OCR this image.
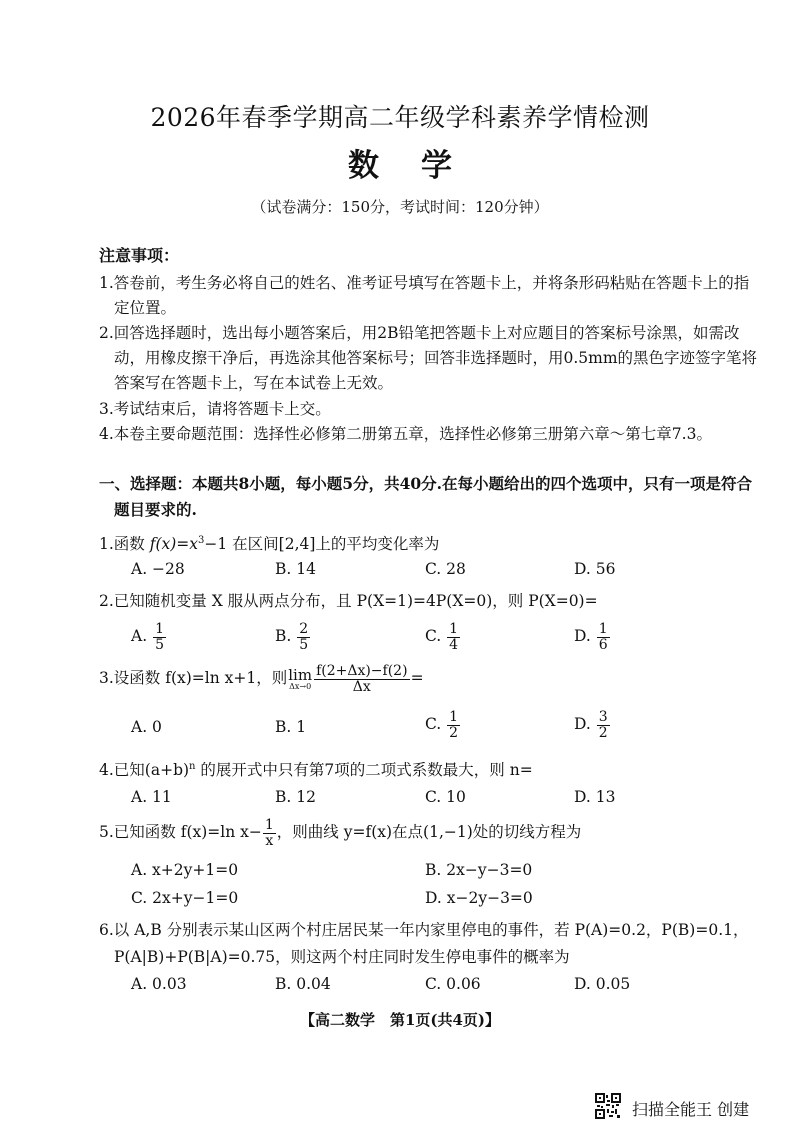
2026年春季学期高二年级学科素养学情检测
数学
（试卷满分：150分，考试时间：120分钟）
注意事项：
1.答卷前，考生务必将自己的姓名、准考证号填写在答题卡上，并将条形码粘贴在答题卡上的指
定位置。
2.回答选择题时，选出每小题答案后，用2B铅笔把答题卡上对应题目的答案标号涂黑，如需改
动，用橡皮擦干净后，再选涂其他答案标号；回答非选择题时，用0.5mm的黑色字迹签字笔将
答案写在答题卡上，写在本试卷上无效。
3.考试结束后，请将答题卡上交。
4.本卷主要命题范围：选择性必修第二册第五章，选择性必修第三册第六章～第七章7.3。
一、选择题：本题共8小题，每小题5分，共40分.在每小题给出的四个选项中，只有一项是符合
题目要求的.
1.函数 $f(x)=x^3-1$ 在区间[2,4]上的平均变化率为
A. −28	B. 14	C. 28	D. 56
2.已知随机变量 X 服从两点分布，且 P(X=1)=4P(X=0)，则 P(X=0)=
A. $\frac{1}{5}$	B. $\frac{2}{5}$	C. $\frac{1}{4}$	D. $\frac{1}{6}$
3.设函数 f(x)=ln x+1，则 lim
$\Delta x\to 0 \frac{f(2+\Delta x)-f(2)}{\Delta x}$ =
A. 0	B. 1	C. $\frac{1}{2}$	D. $\frac{3}{2}$
4.已知$(a+b)^n$ 的展开式中只有第7项的二项式系数最大，则 n=
A. 11	B. 12	C. 10	D. 13
5.已知函数 f(x)=ln $x- \frac{1}{x}$ ，则曲线 y=f(x)在点(1,−1)处的切线方程为
A. x+2y+1=0	B. 2x−y−3=0
C. 2x+y−1=0	D. x−2y−3=0
6.以 A,B 分别表示某山区两个村庄居民某一年内家里停电的事件，若 P(A)=0.2，P(B)=0.1，
P(A|B)+P(B|A)=0.75，则这两个村庄同时发生停电事件的概率为
A. 0.03	B. 0.04	C. 0.06	D. 0.05
【高二数学　第1页(共4页)】
扫描全能王 创建
